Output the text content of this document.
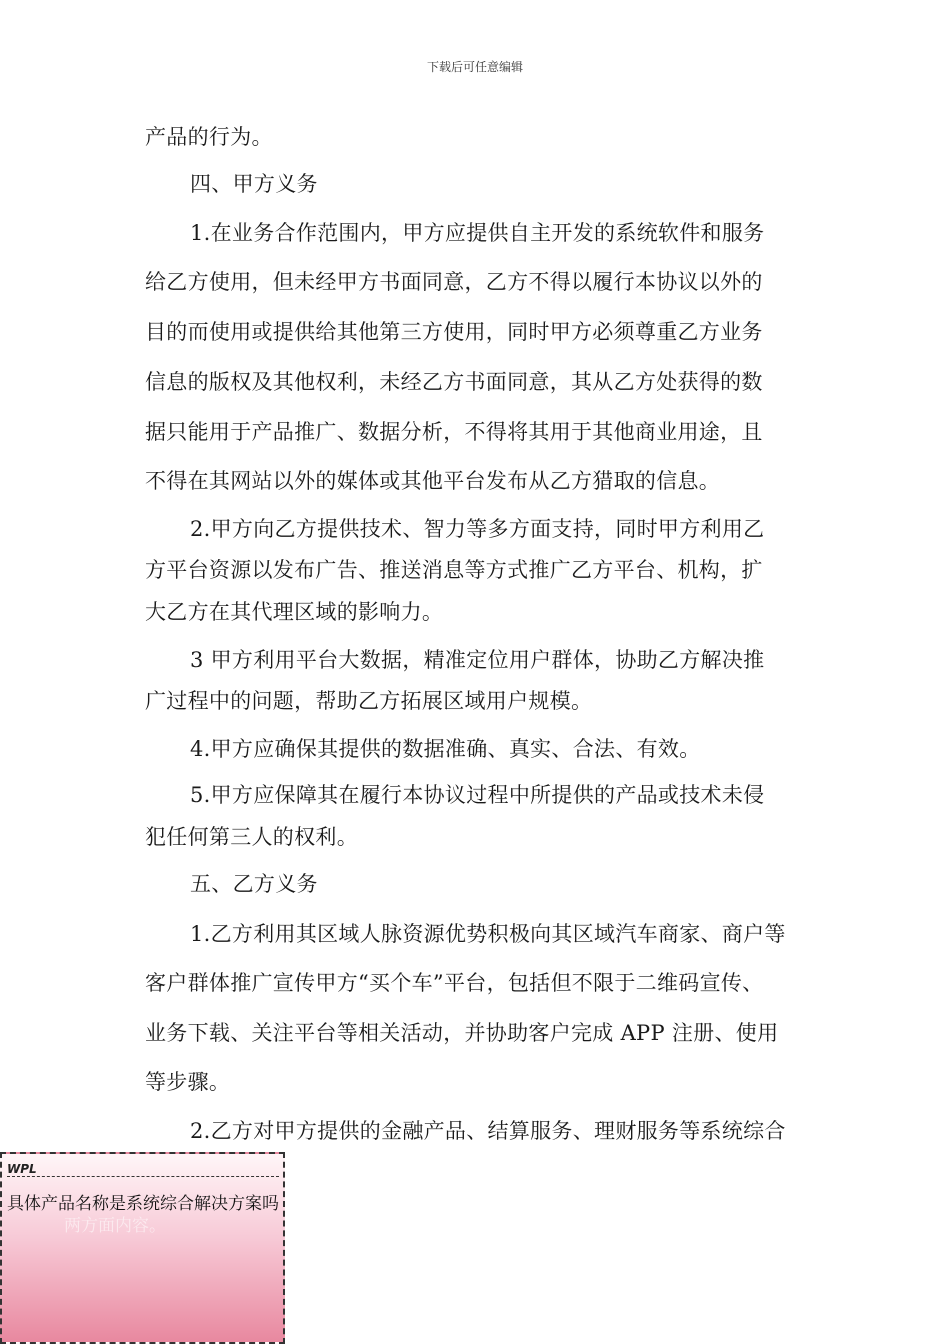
下载后可任意编辑
产品的行为。
四、甲方义务
1.在业务合作范围内，甲方应提供自主开发的系统软件和服务
给乙方使用，但未经甲方书面同意，乙方不得以履行本协议以外的
目的而使用或提供给其他第三方使用，同时甲方必须尊重乙方业务
信息的版权及其他权利，未经乙方书面同意，其从乙方处获得的数
据只能用于产品推广、数据分析，不得将其用于其他商业用途，且
不得在其网站以外的媒体或其他平台发布从乙方猎取的信息。
2.甲方向乙方提供技术、智力等多方面支持，同时甲方利用乙
方平台资源以发布广告、推送消息等方式推广乙方平台、机构，扩
大乙方在其代理区域的影响力。
3 甲方利用平台大数据，精准定位用户群体，协助乙方解决推
广过程中的问题，帮助乙方拓展区域用户规模。
4.甲方应确保其提供的数据准确、真实、合法、有效。
5.甲方应保障其在履行本协议过程中所提供的产品或技术未侵
犯任何第三人的权利。
五、乙方义务
1.乙方利用其区域人脉资源优势积极向其区域汽车商家、商户等
客户群体推广宣传甲方“买个车”平台，包括但不限于二维码宣传、
业务下载、关注平台等相关活动，并协助客户完成 APP 注册、使用
等步骤。
2.乙方对甲方提供的金融产品、结算服务、理财服务等系统综合
WPL
两方面内容。
具体产品名称是系统综合解决方案吗
